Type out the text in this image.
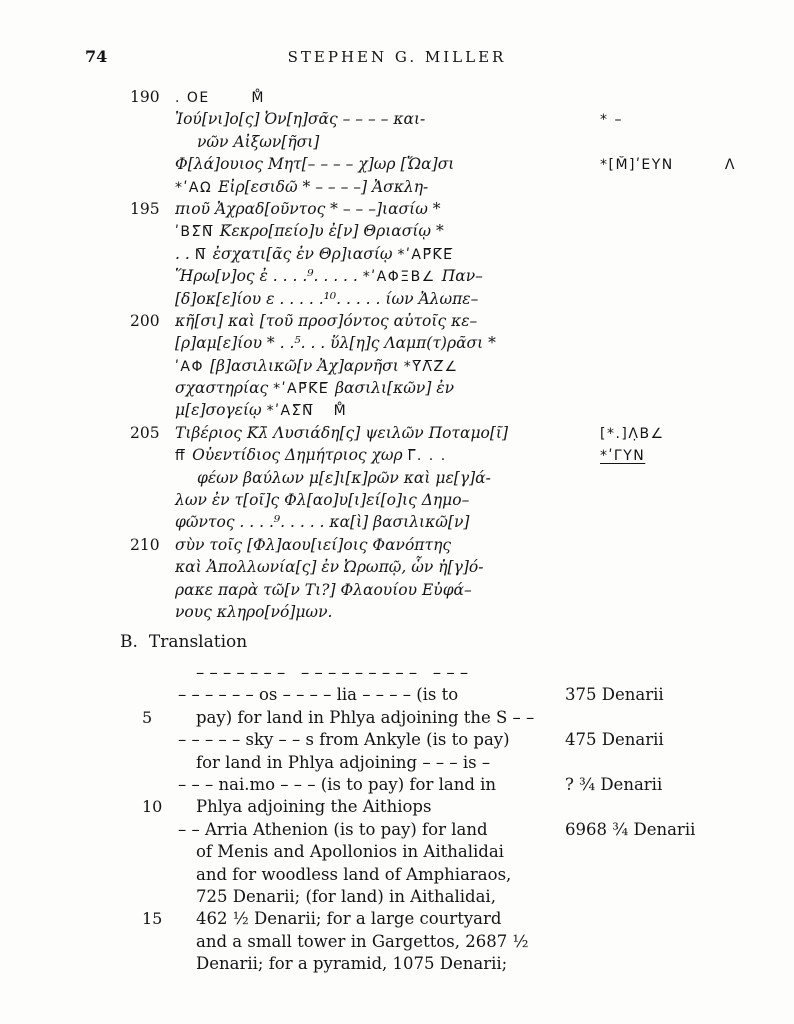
74	STEPHEN G. MILLER
190	. ΟΕ	M̊
Ἰού[νι]ο[ς] Ὀν[η]σᾶς – – – – και-	* –
νῶν Αἰξων[ῆσι]
Φ[λά]ουιος Μητ[– – – – χ]ωρ [Ὤα]σι	*[M̆]ʹΕΥΝ	Λ
*ʹΑΩ Εἰρ[εσιδῶ * – – – –] Ἀσκλη-
195 πιοῦ Ἀχραδ[οῦντος * – – –]ιασίω *
ʹΒΣ̅Ν̅ Κ̄εκρο[πείο]υ ἐ[ν] Θριασίῳ *
. . Ν̅ ἐσχατι[ᾶς ἐν Θρ]ιασίῳ *ʹΑΡ̅Κ̅Ε̅
Ἥρω[ν]ος ἐ . . . .⁹. . . . . *ʹΑΦΞΒ∠ Π̄αν–
[δ]οκ[ε]ίου ε . . . . .¹⁰. . . . . ίων Ἀλωπε–
200 κῆ[σι] καὶ [τοῦ προσ]όντος αὐτοῖς κε–
[ρ]αμ[ε]ίου * . .⁵. . . ὕλ[η]ς Λαμπ(τ)ρᾶσι *
ʹΑΦ [β]ασιλικῶ[ν Ἀχ]αρνῆσι *Υ̅Λ̅Ζ̅∠
σχαστηρίας *ʹΑΡ̅Κ̅Ε̅ βασιλι[κῶν] ἐν
μ[ε]σογείῳ *ʹΑΣ̅Ν̅ M̊
205 Τιβέριος Κ̄λ̄ Λυσιάδη[ς] ψειλῶν Ποταμο[ῖ]	[*.]Λ̣Β∠
ﬀ̅ Οὐεντίδιος Δημήτριος χωρ Γ̅. . .	*ʹΓΥΝ
φέων βαύλων μ[ε]ι[κ]ρῶν καὶ με[γ]ά-
λων ἐν τ[οῖ]ς Φλ[αο]υ[ι]εί[ο]ις Δημο–
φῶντος . . . .⁹. . . . . κα[ὶ] βασιλικῶ[ν]
210 σὺν τοῖς [Φλ]αου[ιεί]οις Φανόπτης
καὶ Ἀπολλωνία[ς] ἐν Ὠρωπῷ, ὧν ἠ[γ]ό-
ρακε παρὰ τῶ[ν Τι?] Φλαουίου Εὐφά–
νους κληρο[νό]μων.
B. Translation
– – – – – – –   – – – – – – – – –   – – –
– – – – – – os – – – – lia – – – – (is to	375 Denarii
5	pay) for land in Phlya adjoining the S – –
– – – – – sky – – s from Ankyle (is to pay)	475 Denarii
for land in Phlya adjoining – – – is –
– – – nai.mo – – – (is to pay) for land in	? ¾ Denarii
10	Phlya adjoining the Aithiops
– – Arria Athenion (is to pay) for land	6968 ¾ Denarii
of Menis and Apollonios in Aithalidai
and for woodless land of Amphiaraos,
725 Denarii; (for land) in Aithalidai,
15	462 ½ Denarii; for a large courtyard
and a small tower in Gargettos, 2687 ½
Denarii; for a pyramid, 1075 Denarii;
